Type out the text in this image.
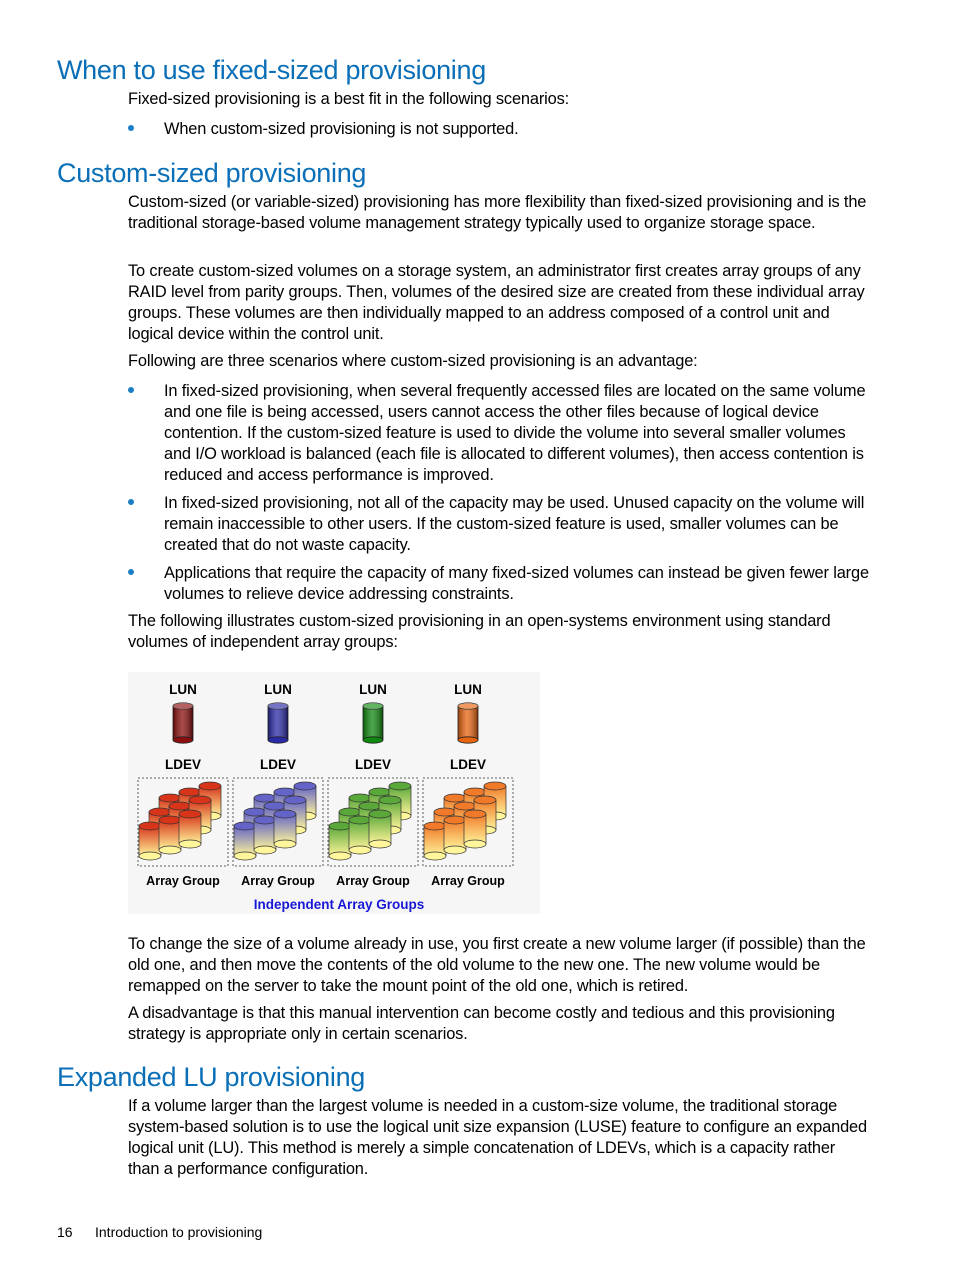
When to use fixed-sized provisioning

Fixed-sized provisioning is a best fit in the following scenarios:

When custom-sized provisioning is not supported.
Custom-sized provisioning

Custom-sized (or variable-sized) provisioning has more flexibility than fixed-sized provisioning and is the traditional storage-based volume management strategy typically used to organize storage space.

To create custom-sized volumes on a storage system, an administrator first creates array groups of any RAID level from parity groups. Then, volumes of the desired size are created from these individual array groups. These volumes are then individually mapped to an address composed of a control unit and logical device within the control unit.

Following are three scenarios where custom-sized provisioning is an advantage:

In fixed-sized provisioning, when several frequently accessed files are located on the same volume and one file is being accessed, users cannot access the other files because of logical device contention. If the custom-sized feature is used to divide the volume into several smaller volumes and I/O workload is balanced (each file is allocated to different volumes), then access contention is reduced and access performance is improved.
In fixed-sized provisioning, not all of the capacity may be used. Unused capacity on the volume will remain inaccessible to other users. If the custom-sized feature is used, smaller volumes can be created that do not waste capacity.
Applications that require the capacity of many fixed-sized volumes can instead be given fewer large volumes to relieve device addressing constraints.

The following illustrates custom-sized provisioning in an open-systems environment using standard volumes of independent array groups:

LUN
LDEV
Array Group
LUN
LDEV
Array Group
LUN
LDEV
Array Group
LUN
LDEV
Array Group
Independent Array Groups

To change the size of a volume already in use, you first create a new volume larger (if possible) than the old one, and then move the contents of the old volume to the new one. The new volume would be remapped on the server to take the mount point of the old one, which is retired.

A disadvantage is that this manual intervention can become costly and tedious and this provisioning strategy is appropriate only in certain scenarios.

Expanded LU provisioning

If a volume larger than the largest volume is needed in a custom-size volume, the traditional storage system-based solution is to use the logical unit size expansion (LUSE) feature to configure an expanded logical unit (LU). This method is merely a simple concatenation of LDEVs, which is a capacity rather than a performance configuration.

16 Introduction to provisioning
